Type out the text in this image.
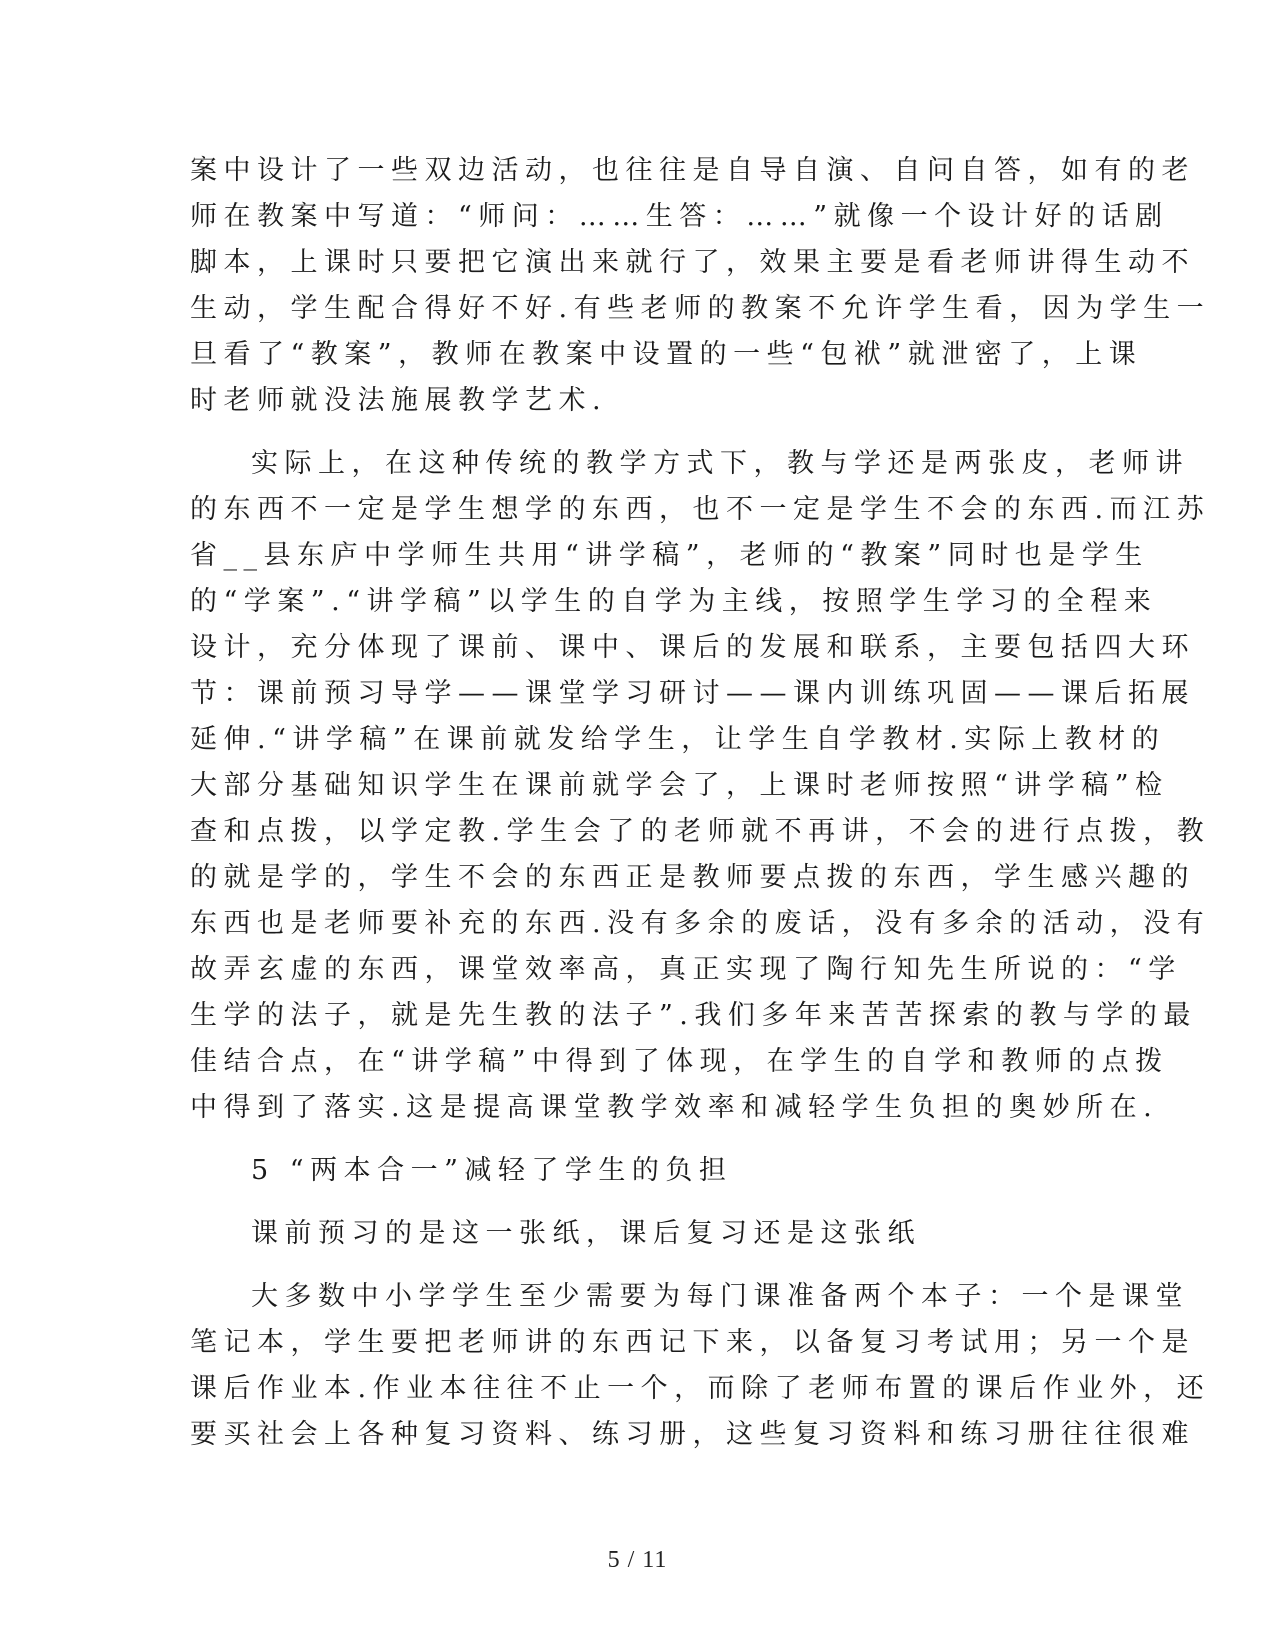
案中设计了一些双边活动，也往往是自导自演、自问自答，如有的老
师在教案中写道：“师问：……生答：……”就像一个设计好的话剧
脚本，上课时只要把它演出来就行了，效果主要是看老师讲得生动不
生动，学生配合得好不好.有些老师的教案不允许学生看，因为学生一
旦看了“教案”，教师在教案中设置的一些“包袱”就泄密了，上课
时老师就没法施展教学艺术.
实际上，在这种传统的教学方式下，教与学还是两张皮，老师讲
的东西不一定是学生想学的东西，也不一定是学生不会的东西.而江苏
省__县东庐中学师生共用“讲学稿”，老师的“教案”同时也是学生
的“学案”.“讲学稿”以学生的自学为主线，按照学生学习的全程来
设计，充分体现了课前、课中、课后的发展和联系，主要包括四大环
节：课前预习导学——课堂学习研讨——课内训练巩固——课后拓展
延伸.“讲学稿”在课前就发给学生，让学生自学教材.实际上教材的
大部分基础知识学生在课前就学会了，上课时老师按照“讲学稿”检
查和点拨，以学定教.学生会了的老师就不再讲，不会的进行点拨，教
的就是学的，学生不会的东西正是教师要点拨的东西，学生感兴趣的
东西也是老师要补充的东西.没有多余的废话，没有多余的活动，没有
故弄玄虚的东西，课堂效率高，真正实现了陶行知先生所说的：“学
生学的法子，就是先生教的法子”.我们多年来苦苦探索的教与学的最
佳结合点，在“讲学稿”中得到了体现，在学生的自学和教师的点拨
中得到了落实.这是提高课堂教学效率和减轻学生负担的奥妙所在.
5 “两本合一”减轻了学生的负担
课前预习的是这一张纸，课后复习还是这张纸
大多数中小学学生至少需要为每门课准备两个本子：一个是课堂
笔记本，学生要把老师讲的东西记下来，以备复习考试用；另一个是
课后作业本.作业本往往不止一个，而除了老师布置的课后作业外，还
要买社会上各种复习资料、练习册，这些复习资料和练习册往往很难
5 / 11
